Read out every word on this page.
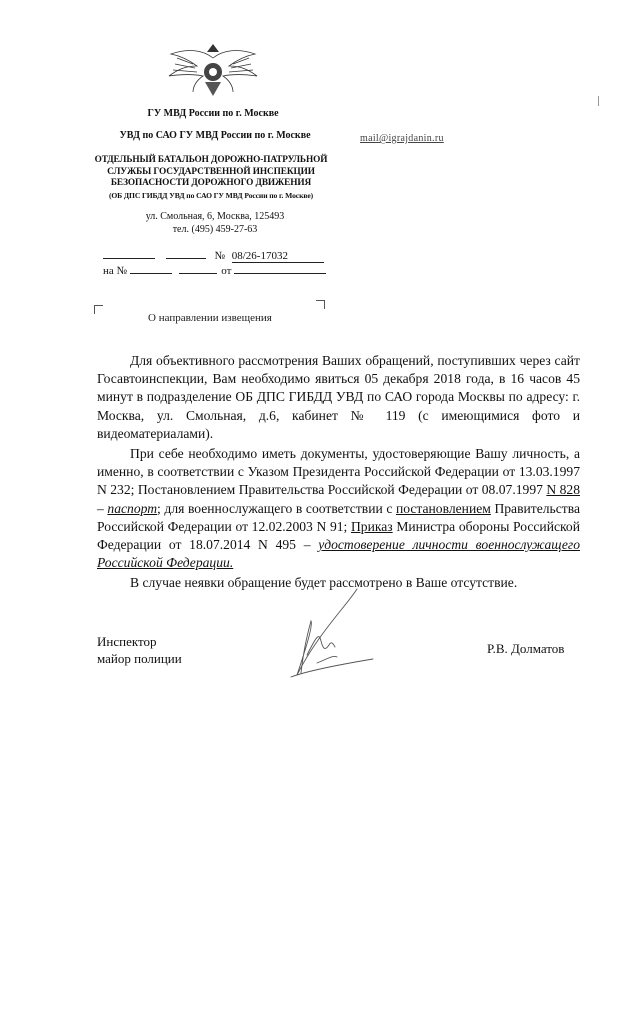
ГУ МВД России по г. Москве
УВД по САО ГУ МВД России по г. Москве
ОТДЕЛЬНЫЙ БАТАЛЬОН ДОРОЖНО-ПАТРУЛЬНОЙ
СЛУЖБЫ ГОСУДАРСТВЕННОЙ ИНСПЕКЦИИ
БЕЗОПАСНОСТИ ДОРОЖНОГО ДВИЖЕНИЯ
(ОБ ДПС ГИБДД УВД по САО ГУ МВД России по г. Москве)
ул. Смольная, 6, Москва, 125493
тел. (495) 459-27-63
mail@igrajdanin.ru
№ 08/26-17032
на №	от
О направлении извещения

Для объективного рассмотрения Ваших обращений, поступивших через сайт Госавтоинспекции, Вам необходимо явиться 05 декабря 2018 года, в 16 часов 45 минут в подразделение ОБ ДПС ГИБДД УВД по САО города Москвы по адресу: г. Москва, ул. Смольная, д.6, кабинет № 119 (с имеющимися фото и видеоматериалами).

При себе необходимо иметь документы, удостоверяющие Вашу личность, а именно, в соответствии с Указом Президента Российской Федерации от 13.03.1997 N 232; Постановлением Правительства Российской Федерации от 08.07.1997 N 828 – паспорт; для военнослужащего в соответствии с постановлением Правительства Российской Федерации от 12.02.2003 N 91; Приказ Министра обороны Российской Федерации от 18.07.2014 N 495 – удостоверение личности военнослужащего Российской Федерации.

В случае неявки обращение будет рассмотрено в Ваше отсутствие.

Инспектор
майор полиции
Р.В. Долматов
